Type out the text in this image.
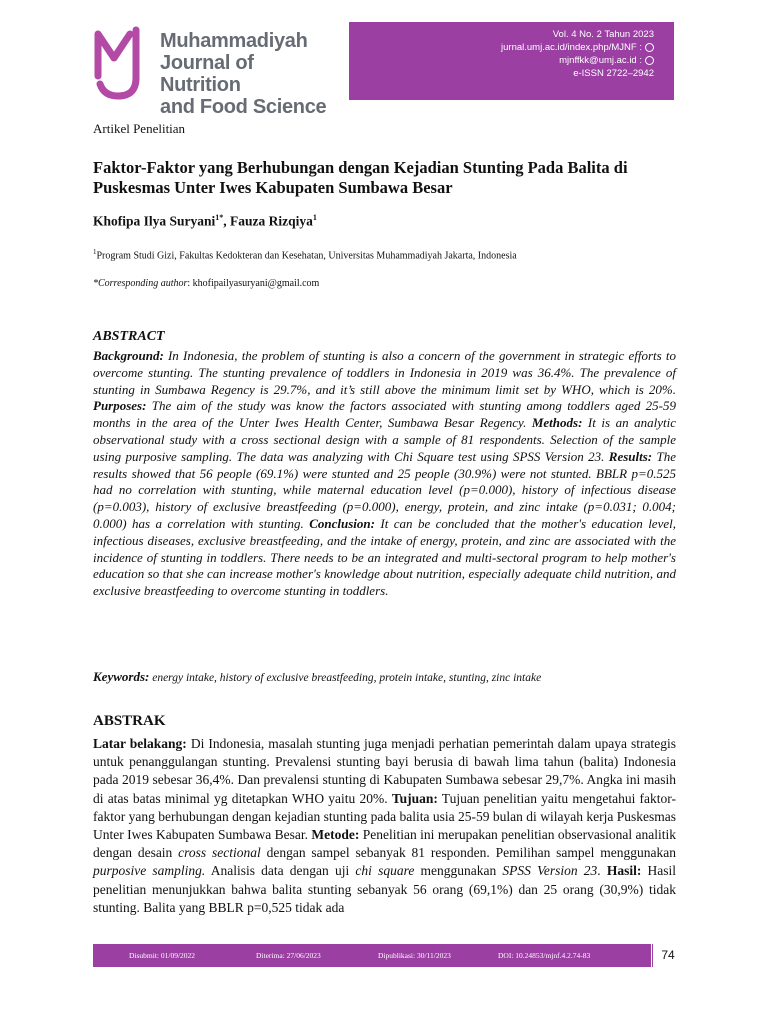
Muhammadiyah
Journal of Nutrition
and Food Science
Vol. 4 No. 2 Tahun 2023
jurnal.umj.ac.id/index.php/MJNF :
mjnffkk@umj.ac.id :
e-ISSN 2722–2942
Artikel Penelitian
Faktor-Faktor yang Berhubungan dengan Kejadian Stunting Pada Balita di Puskesmas Unter Iwes Kabupaten Sumbawa Besar
Khofipa Ilya Suryani$^{1*}$, Fauza Rizqiya$^1$
$^1$Program Studi Gizi, Fakultas Kedokteran dan Kesehatan, Universitas Muhammadiyah Jakarta, Indonesia
*Corresponding author: khofipailyasuryani@gmail.com
ABSTRACT
Background: In Indonesia, the problem of stunting is also a concern of the government in strategic efforts to overcome stunting. The stunting prevalence of toddlers in Indonesia in 2019 was 36.4%. The prevalence of stunting in Sumbawa Regency is 29.7%, and it’s still above the minimum limit set by WHO, which is 20%. Purposes: The aim of the study was know the factors associated with stunting among toddlers aged 25-59 months in the area of the Unter Iwes Health Center, Sumbawa Besar Regency. Methods: It is an analytic observational study with a cross sectional design with a sample of 81 respondents. Selection of the sample using purposive sampling. The data was analyzing with Chi Square test using SPSS Version 23. Results: The results showed that 56 people (69.1%) were stunted and 25 people (30.9%) were not stunted. BBLR p=0.525 had no correlation with stunting, while maternal education level (p=0.000), history of infectious disease (p=0.003), history of exclusive breastfeeding (p=0.000), energy, protein, and zinc intake (p=0.031; 0.004; 0.000) has a correlation with stunting. Conclusion: It can be concluded that the mother's education level, infectious diseases, exclusive breastfeeding, and the intake of energy, protein, and zinc are associated with the incidence of stunting in toddlers. There needs to be an integrated and multi-sectoral program to help mother's education so that she can increase mother's knowledge about nutrition, especially adequate child nutrition, and exclusive breastfeeding to overcome stunting in toddlers.
Keywords: energy intake, history of exclusive breastfeeding, protein intake, stunting, zinc intake
ABSTRAK
Latar belakang: Di Indonesia, masalah stunting juga menjadi perhatian pemerintah dalam upaya strategis untuk penanggulangan stunting. Prevalensi stunting bayi berusia di bawah lima tahun (balita) Indonesia pada 2019 sebesar 36,4%. Dan prevalensi stunting di Kabupaten Sumbawa sebesar 29,7%. Angka ini masih di atas batas minimal yg ditetapkan WHO yaitu 20%. Tujuan: Tujuan penelitian yaitu mengetahui faktor-faktor yang berhubungan dengan kejadian stunting pada balita usia 25-59 bulan di wilayah kerja Puskesmas Unter Iwes Kabupaten Sumbawa Besar. Metode: Penelitian ini merupakan penelitian observasional analitik dengan desain cross sectional dengan sampel sebanyak 81 responden. Pemilihan sampel menggunakan purposive sampling. Analisis data dengan uji chi square menggunakan SPSS Version 23. Hasil: Hasil penelitian menunjukkan bahwa balita stunting sebanyak 56 orang (69,1%) dan 25 orang (30,9%) tidak stunting. Balita yang BBLR p=0,525 tidak ada
Disubmit: 01/09/2022	Diterima: 27/06/2023	Dipublikasi: 30/11/2023	DOI: 10.24853/mjnf.4.2.74-83	74
